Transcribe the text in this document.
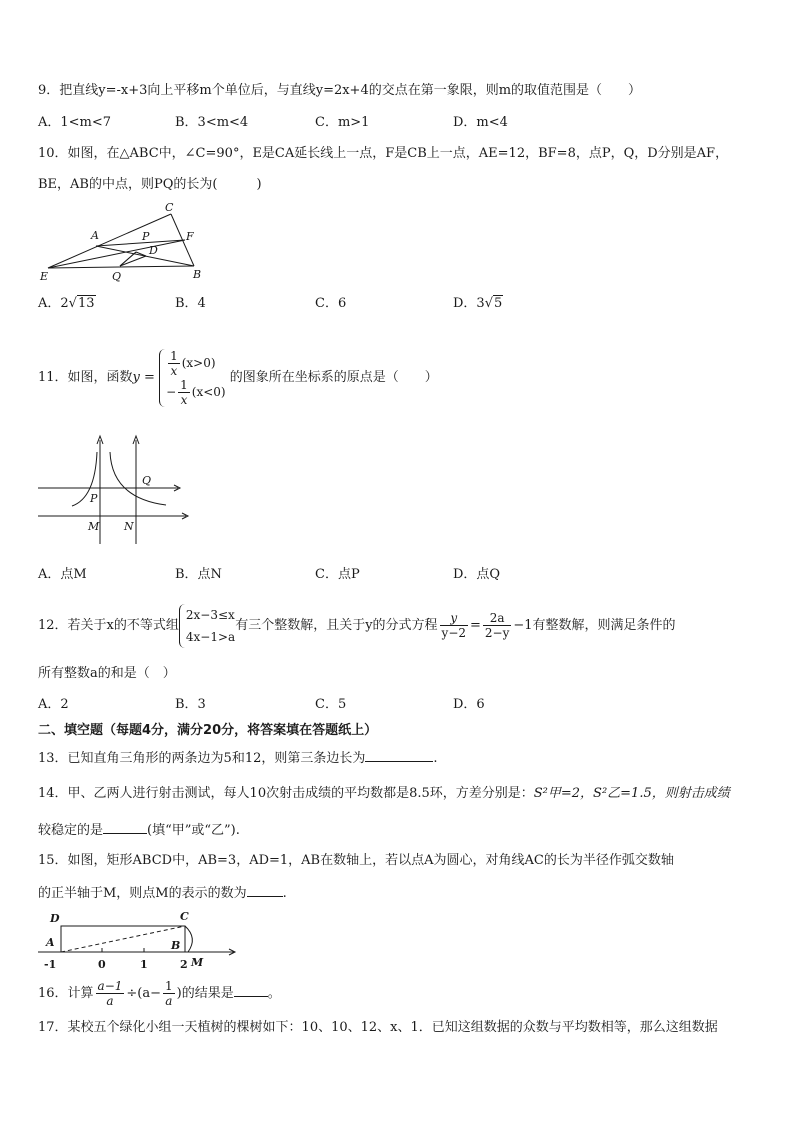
9．把直线y=-x+3向上平移m个单位后，与直线y=2x+4的交点在第一象限，则m的取值范围是（　　）
A．1<m<7	B．3<m<4	C．m>1	D．m<4
10．如图，在△ABC中，∠C=90°，E是CA延长线上一点，F是CB上一点，AE=12，BF=8，点P，Q，D分别是AF，
BE，AB的中点，则PQ的长为(　　　)
C
A	P	F
D
E	Q	B
A．2√13	B．4	C．6	D．3√5
11．如图，函数$y = \frac{1}{x} (x>0)$
− $\frac{1}{x} (x<0)$
的图象所在坐标系的原点是（　　）
Q
P
M N
A．点M	B．点N	C．点P	D．点Q
12．若关于x的不等式组
2x−3≤x
4x−1>a
有三个整数解，且关于y的分式方程 $\frac{y}{y-2} = \frac{2a}{2-y} -1$有整数解，则满足条件的
所有整数a的和是（　）
A．2	B．3	C．5	D．6
二、填空题（每题4分，满分20分，将答案填在答题纸上）
13．已知直角三角形的两条边为5和12，则第三条边长为	.
14．甲、乙两人进行射击测试，每人10次射击成绩的平均数都是8.5环，方差分别是：S²甲=2，S²乙=1.5，则射击成绩
较稳定的是	(填“甲”或“乙”).
15．如图，矩形ABCD中，AB=3，AD=1，AB在数轴上，若以点A为圆心，对角线AC的长为半径作弧交数轴
的正半轴于M，则点M的表示的数为	.
D	C
A	B
M
-1	0	1	2
16．计算 $\frac{a-1}{a} \div(a- \frac{1}{a}$ )的结果是	。
17．某校五个绿化小组一天植树的棵树如下：10、10、12、x、1．已知这组数据的众数与平均数相等，那么这组数据
